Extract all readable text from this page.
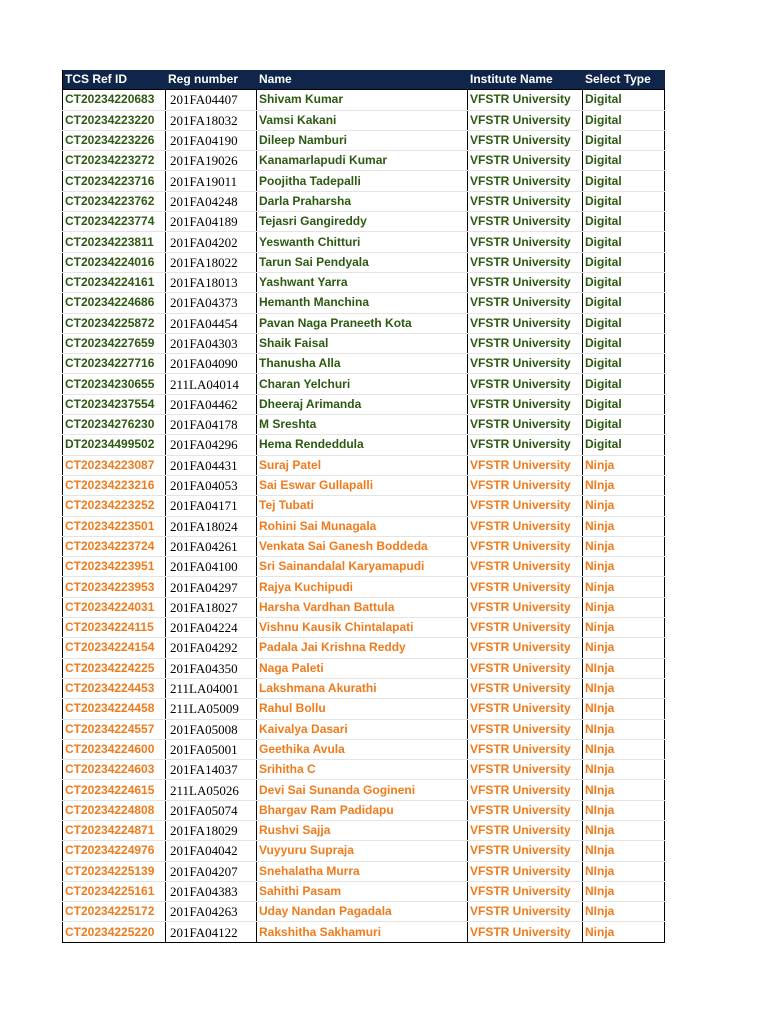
TCS Ref ID	Reg number	Name	Institute Name	Select Type
CT20234220683	201FA04407	Shivam Kumar	VFSTR University	Digital
CT20234223220	201FA18032	Vamsi Kakani	VFSTR University	Digital
CT20234223226	201FA04190	Dileep Namburi	VFSTR University	Digital
CT20234223272	201FA19026	Kanamarlapudi Kumar	VFSTR University	Digital
CT20234223716	201FA19011	Poojitha Tadepalli	VFSTR University	Digital
CT20234223762	201FA04248	Darla Praharsha	VFSTR University	Digital
CT20234223774	201FA04189	Tejasri Gangireddy	VFSTR University	Digital
CT20234223811	201FA04202	Yeswanth Chitturi	VFSTR University	Digital
CT20234224016	201FA18022	Tarun Sai Pendyala	VFSTR University	Digital
CT20234224161	201FA18013	Yashwant Yarra	VFSTR University	Digital
CT20234224686	201FA04373	Hemanth Manchina	VFSTR University	Digital
CT20234225872	201FA04454	Pavan Naga Praneeth Kota	VFSTR University	Digital
CT20234227659	201FA04303	Shaik Faisal	VFSTR University	Digital
CT20234227716	201FA04090	Thanusha Alla	VFSTR University	Digital
CT20234230655	211LA04014	Charan Yelchuri	VFSTR University	Digital
CT20234237554	201FA04462	Dheeraj Arimanda	VFSTR University	Digital
CT20234276230	201FA04178	M Sreshta	VFSTR University	Digital
DT20234499502	201FA04296	Hema Rendeddula	VFSTR University	Digital
CT20234223087	201FA04431	Suraj Patel	VFSTR University	Ninja
CT20234223216	201FA04053	Sai Eswar Gullapalli	VFSTR University	NInja
CT20234223252	201FA04171	Tej Tubati	VFSTR University	Ninja
CT20234223501	201FA18024	Rohini Sai Munagala	VFSTR University	Ninja
CT20234223724	201FA04261	Venkata Sai Ganesh Boddeda	VFSTR University	Ninja
CT20234223951	201FA04100	Sri Sainandalal Karyamapudi	VFSTR University	Ninja
CT20234223953	201FA04297	Rajya Kuchipudi	VFSTR University	Ninja
CT20234224031	201FA18027	Harsha Vardhan Battula	VFSTR University	Ninja
CT20234224115	201FA04224	Vishnu Kausik Chintalapati	VFSTR University	Ninja
CT20234224154	201FA04292	Padala Jai Krishna Reddy	VFSTR University	Ninja
CT20234224225	201FA04350	Naga Paleti	VFSTR University	NInja
CT20234224453	211LA04001	Lakshmana Akurathi	VFSTR University	NInja
CT20234224458	211LA05009	Rahul Bollu	VFSTR University	NInja
CT20234224557	201FA05008	Kaivalya Dasari	VFSTR University	NInja
CT20234224600	201FA05001	Geethika Avula	VFSTR University	NInja
CT20234224603	201FA14037	Srihitha C	VFSTR University	NInja
CT20234224615	211LA05026	Devi Sai Sunanda Gogineni	VFSTR University	NInja
CT20234224808	201FA05074	Bhargav Ram Padidapu	VFSTR University	NInja
CT20234224871	201FA18029	Rushvi Sajja	VFSTR University	NInja
CT20234224976	201FA04042	Vuyyuru Supraja	VFSTR University	NInja
CT20234225139	201FA04207	Snehalatha Murra	VFSTR University	NInja
CT20234225161	201FA04383	Sahithi Pasam	VFSTR University	NInja
CT20234225172	201FA04263	Uday Nandan Pagadala	VFSTR University	NInja
CT20234225220	201FA04122	Rakshitha Sakhamuri	VFSTR University	Ninja
